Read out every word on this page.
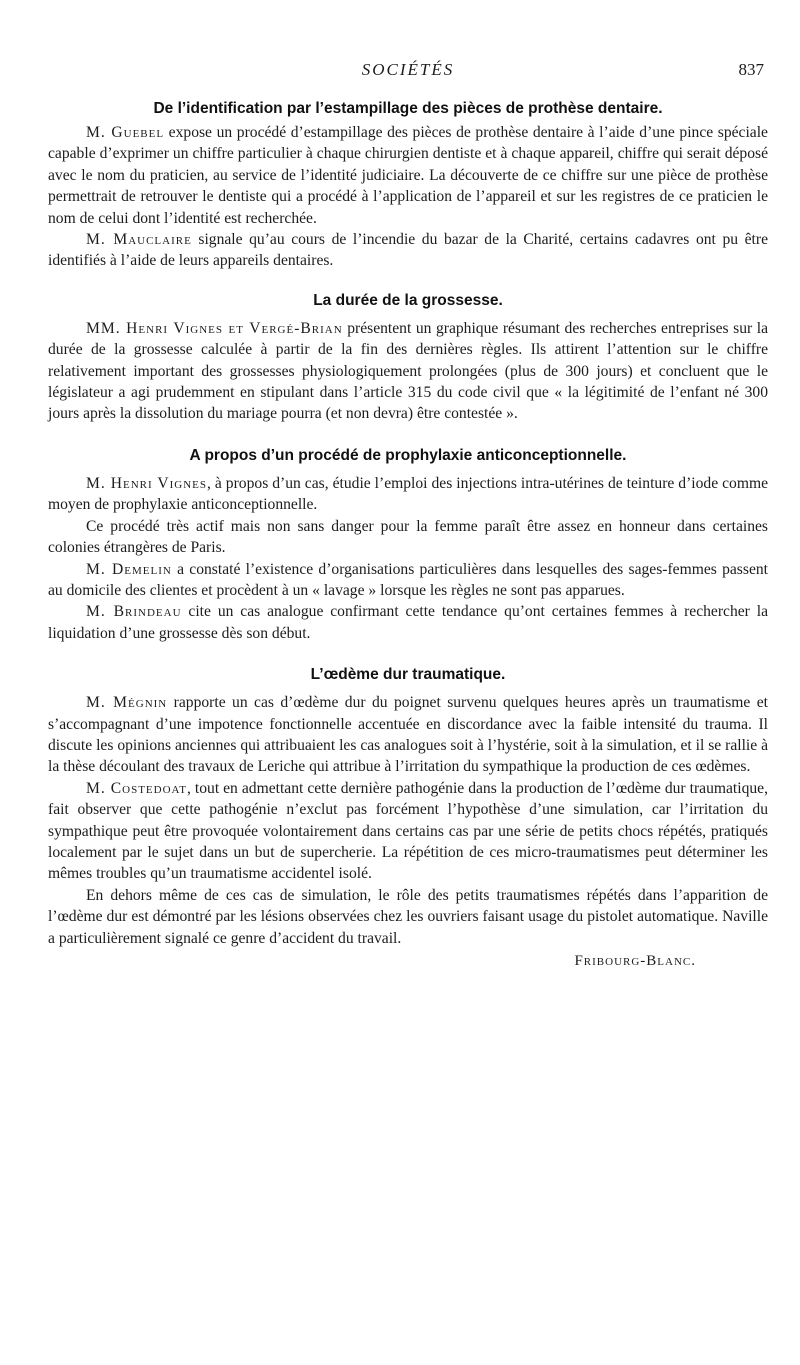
SOCIÉTÉS	837
De l’identification par l’estampillage des pièces de prothèse dentaire.

M. Guebel expose un procédé d’estampillage des pièces de prothèse dentaire à l’aide d’une pince spéciale capable d’exprimer un chiffre particulier à chaque chirurgien dentiste et à chaque appareil, chiffre qui serait déposé avec le nom du praticien, au service de l’identité judiciaire. La découverte de ce chiffre sur une pièce de prothèse permettrait de retrouver le dentiste qui a procédé à l’application de l’appareil et sur les registres de ce praticien le nom de celui dont l’identité est recherchée.

M. Mauclaire signale qu’au cours de l’incendie du bazar de la Charité, certains cadavres ont pu être identifiés à l’aide de leurs appareils dentaires.

La durée de la grossesse.

MM. Henri Vignes et Vergé-Brian présentent un graphique résumant des recherches entreprises sur la durée de la grossesse calculée à partir de la fin des dernières règles. Ils attirent l’attention sur le chiffre relativement important des grossesses physiologiquement prolongées (plus de 300 jours) et concluent que le législateur a agi prudemment en stipulant dans l’article 315 du code civil que « la légitimité de l’enfant né 300 jours après la dissolution du mariage pourra (et non devra) être contestée ».

A propos d’un procédé de prophylaxie anticonceptionnelle.

M. Henri Vignes, à propos d’un cas, étudie l’emploi des injections intra-utérines de teinture d’iode comme moyen de prophylaxie anticonceptionnelle.

Ce procédé très actif mais non sans danger pour la femme paraît être assez en honneur dans certaines colonies étrangères de Paris.

M. Demelin a constaté l’existence d’organisations particulières dans lesquelles des sages-femmes passent au domicile des clientes et procèdent à un « lavage » lorsque les règles ne sont pas apparues.

M. Brindeau cite un cas analogue confirmant cette tendance qu’ont certaines femmes à rechercher la liquidation d’une grossesse dès son début.

L’œdème dur traumatique.

M. Mégnin rapporte un cas d’œdème dur du poignet survenu quelques heures après un traumatisme et s’accompagnant d’une impotence fonctionnelle accentuée en discordance avec la faible intensité du trauma. Il discute les opinions anciennes qui attribuaient les cas analogues soit à l’hystérie, soit à la simulation, et il se rallie à la thèse découlant des travaux de Leriche qui attribue à l’irritation du sympathique la production de ces œdèmes.

M. Costedoat, tout en admettant cette dernière pathogénie dans la production de l’œdème dur traumatique, fait observer que cette pathogénie n’exclut pas forcément l’hypothèse d’une simulation, car l’irritation du sympathique peut être provoquée volontairement dans certains cas par une série de petits chocs répétés, pratiqués localement par le sujet dans un but de supercherie. La répétition de ces micro-traumatismes peut déterminer les mêmes troubles qu’un traumatisme accidentel isolé.

En dehors même de ces cas de simulation, le rôle des petits traumatismes répétés dans l’apparition de l’œdème dur est démontré par les lésions observées chez les ouvriers faisant usage du pistolet automatique. Naville a particulièrement signalé ce genre d’accident du travail.

Fribourg-Blanc.
